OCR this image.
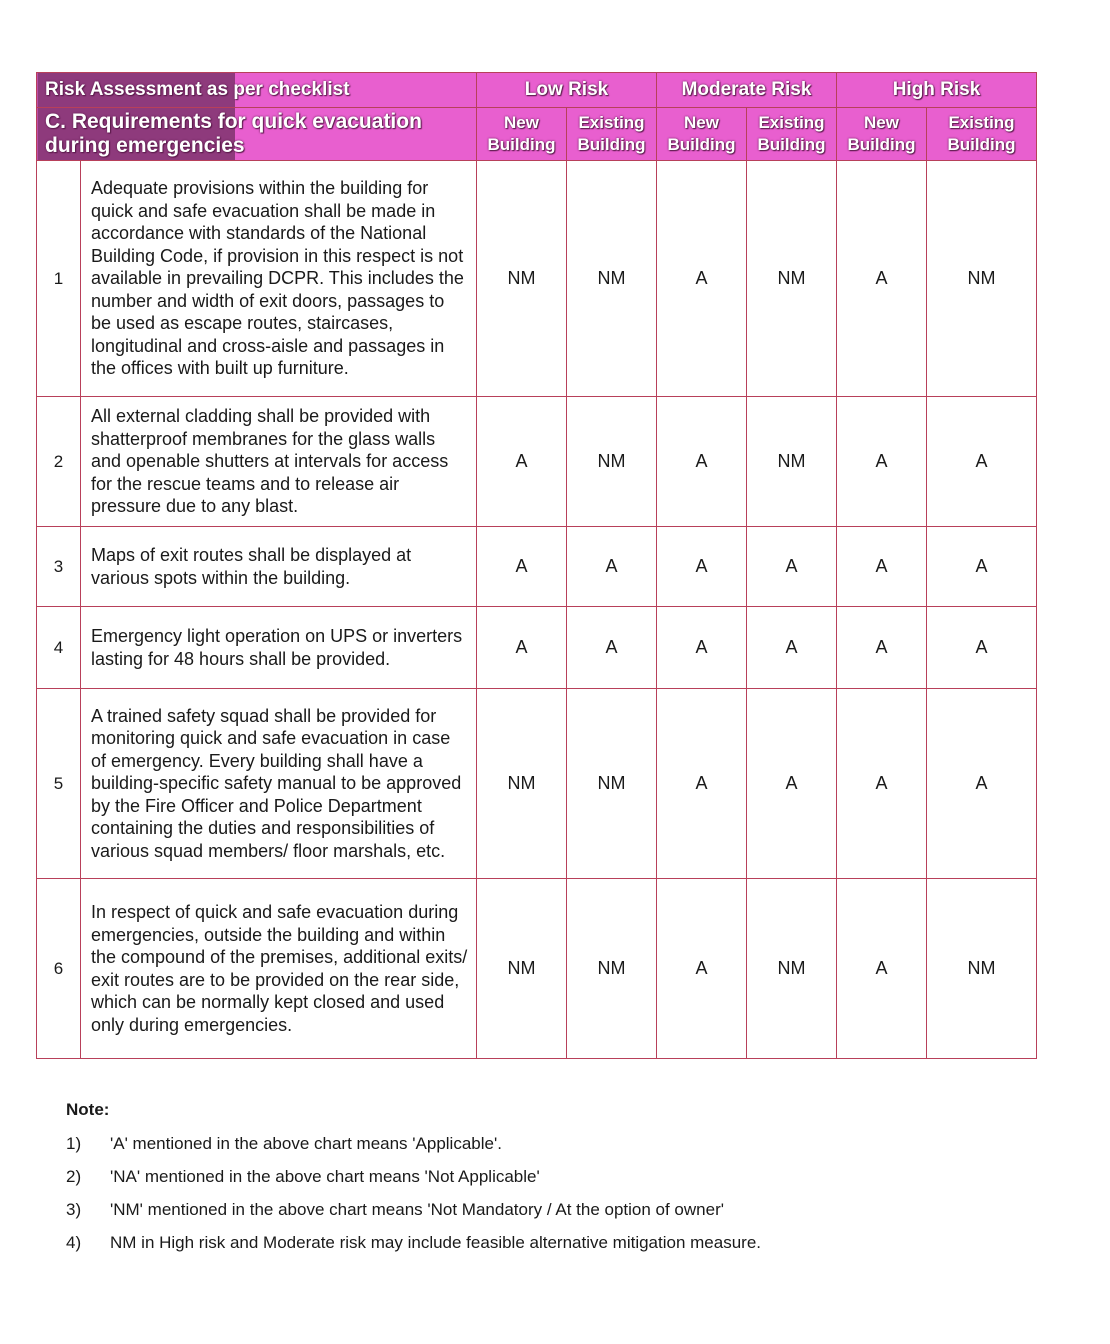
Risk Assessment as per checklist		Low Risk		Moderate Risk		High Risk	
C. Requirements for quick evacuation during emergencies		New Building	Existing Building	New Building	Existing Building	New Building	Existing Building
1	Adequate provisions within the building for quick and safe evacuation shall be made in accordance with standards of the National Building Code, if provision in this respect is not available in prevailing DCPR. This includes the number and width of exit doors, passages to be used as escape routes, staircases, longitudinal and cross-aisle and passages in the offices with built up furniture.	NM	NM	A	NM	A	NM
2	All external cladding shall be provided with shatterproof membranes for the glass walls and openable shutters at intervals for access for the rescue teams and to release air pressure due to any blast.	A	NM	A	NM	A	A
3	Maps of exit routes shall be displayed at various spots within the building.	A	A	A	A	A	A
4	Emergency light operation on UPS or inverters lasting for 48 hours shall be provided.	A	A	A	A	A	A
5	A trained safety squad shall be provided for monitoring quick and safe evacuation in case of emergency. Every building shall have a building-specific safety manual to be approved by the Fire Officer and Police Department containing the duties and responsibilities of various squad members/ floor marshals, etc.	NM	NM	A	A	A	A
6	In respect of quick and safe evacuation during emergencies, outside the building and within the compound of the premises, additional exits/ exit routes are to be provided on the rear side, which can be normally kept closed and used only during emergencies.	NM	NM	A	NM	A	NM
Note:
1)	'A' mentioned in the above chart means 'Applicable'.
2)	'NA' mentioned in the above chart means 'Not Applicable'
3)	'NM' mentioned in the above chart means 'Not Mandatory / At the option of owner'
4)	NM in High risk and Moderate risk may include feasible alternative mitigation measure.
